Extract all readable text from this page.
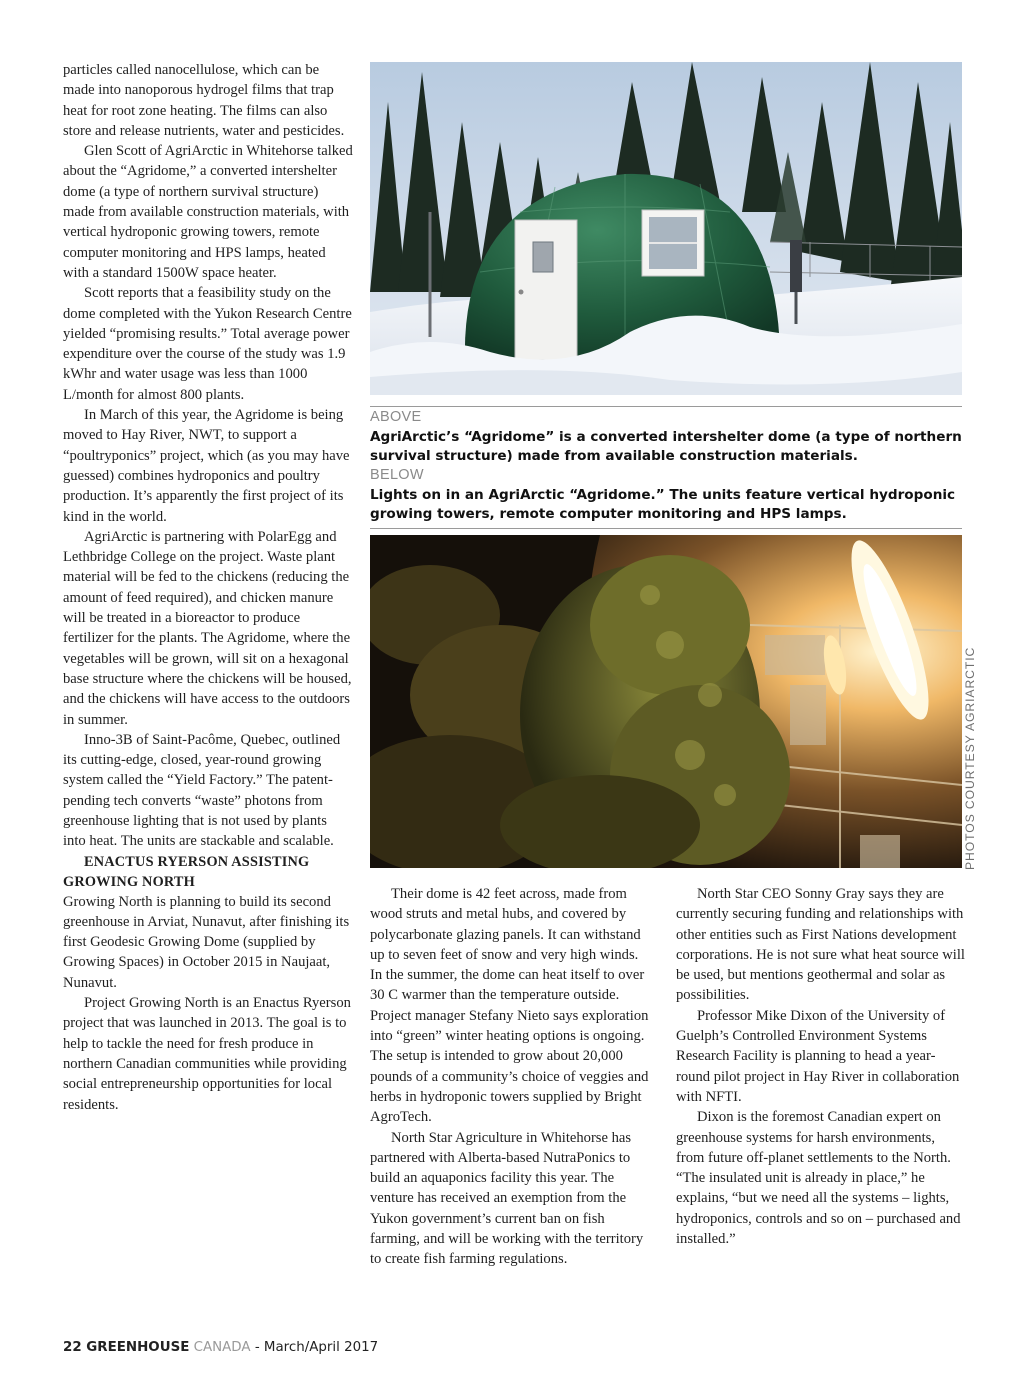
particles called nanocellulose, which can be made into nanoporous hydrogel films that trap heat for root zone heating. The films can also store and release nutrients, water and pesticides.

Glen Scott of AgriArctic in Whitehorse talked about the “Agridome,” a converted intershelter dome (a type of northern survival structure) made from available construction materials, with vertical hydroponic growing towers, remote computer monitoring and HPS lamps, heated with a standard 1500W space heater.

Scott reports that a feasibility study on the dome completed with the Yukon Research Centre yielded “promising results.” Total average power expenditure over the course of the study was 1.9 kWhr and water usage was less than 1000 L/month for almost 800 plants.

In March of this year, the Agridome is being moved to Hay River, NWT, to support a “poultryponics” project, which (as you may have guessed) combines hydroponics and poultry production. It’s apparently the first project of its kind in the world.

AgriArctic is partnering with PolarEgg and Lethbridge College on the project. Waste plant material will be fed to the chickens (reducing the amount of feed required), and chicken manure will be treated in a bioreactor to produce fertilizer for the plants. The Agridome, where the vegetables will be grown, will sit on a hexagonal base structure where the chickens will be housed, and the chickens will have access to the outdoors in summer.

Inno-3B of Saint-Pacôme, Quebec, outlined its cutting-edge, closed, year-round growing system called the “Yield Factory.” The patent-pending tech converts “waste” photons from greenhouse lighting that is not used by plants into heat. The units are stackable and scalable.

ENACTUS RYERSON ASSISTING GROWING NORTH

Growing North is planning to build its second greenhouse in Arviat, Nunavut, after finishing its first Geodesic Growing Dome (supplied by Growing Spaces) in October 2015 in Naujaat, Nunavut.

Project Growing North is an Enactus Ryerson project that was launched in 2013. The goal is to help to tackle the need for fresh produce in northern Canadian communities while providing social entrepreneurship opportunities for local residents.

ABOVE
AgriArctic’s “Agridome” is a converted intershelter dome (a type of northern survival structure) made from available construction materials.
BELOW
Lights on in an AgriArctic “Agridome.” The units feature vertical hydroponic growing towers, remote computer monitoring and HPS lamps.
PHOTOS COURTESY AGRIARCTIC

Their dome is 42 feet across, made from wood struts and metal hubs, and covered by polycarbonate glazing panels. It can withstand up to seven feet of snow and very high winds. In the summer, the dome can heat itself to over 30 C warmer than the temperature outside. Project manager Stefany Nieto says exploration into “green” winter heating options is ongoing. The setup is intended to grow about 20,000 pounds of a community’s choice of veggies and herbs in hydroponic towers supplied by Bright AgroTech.

North Star Agriculture in Whitehorse has partnered with Alberta-based NutraPonics to build an aquaponics facility this year. The venture has received an exemption from the Yukon government’s current ban on fish farming, and will be working with the territory to create fish farming regulations.

North Star CEO Sonny Gray says they are currently securing funding and relationships with other entities such as First Nations development corporations. He is not sure what heat source will be used, but mentions geothermal and solar as possibilities.

Professor Mike Dixon of the University of Guelph’s Controlled Environment Systems Research Facility is planning to head a year-round pilot project in Hay River in collaboration with NFTI.

Dixon is the foremost Canadian expert on greenhouse systems for harsh environments, from future off-planet settlements to the North. “The insulated unit is already in place,” he explains, “but we need all the systems – lights, hydroponics, controls and so on – purchased and installed.”

22 GREENHOUSE CANADA - March/April 2017
